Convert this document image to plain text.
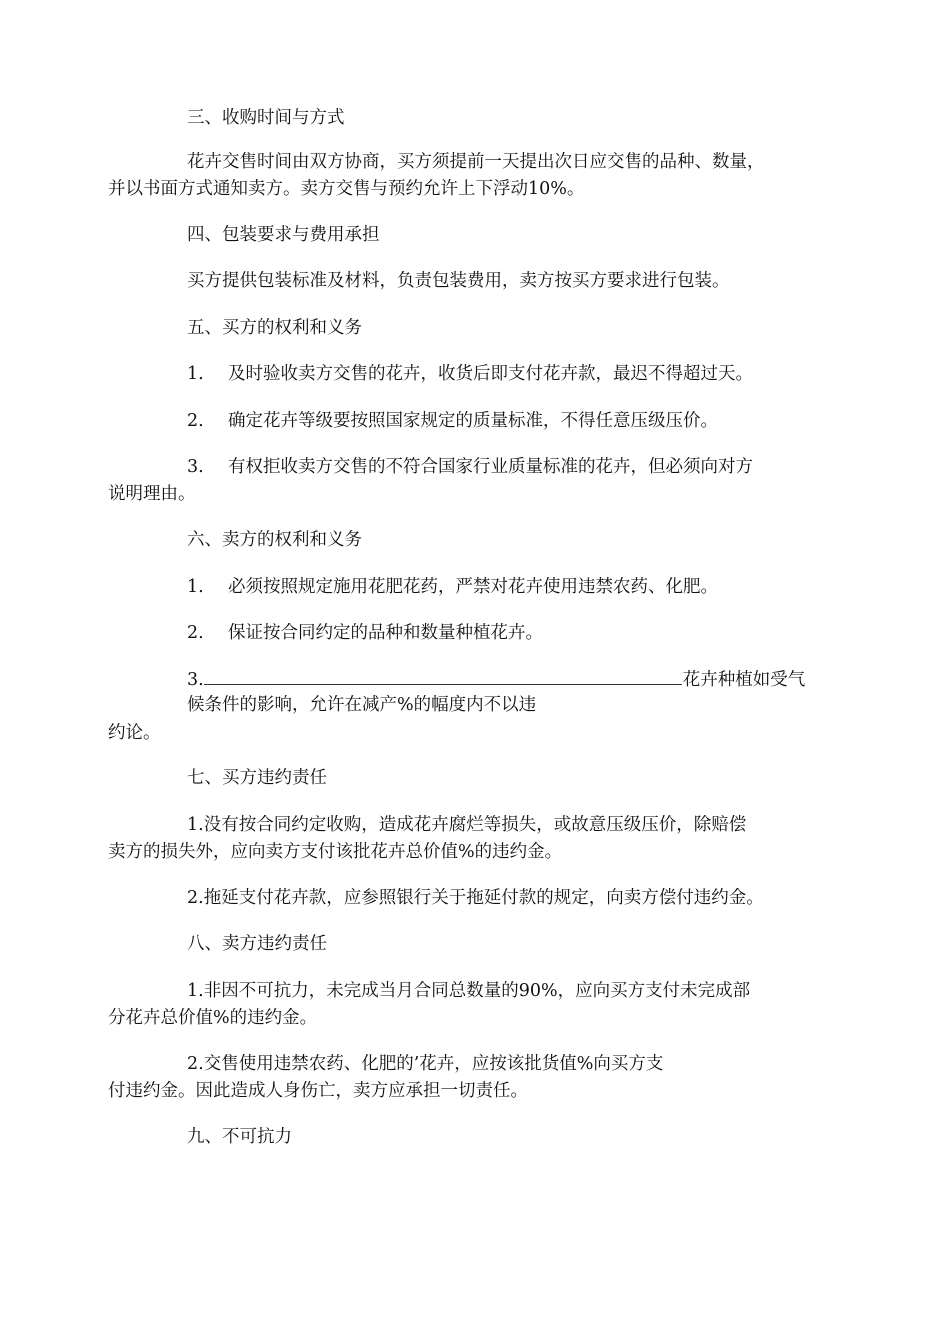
三、收购时间与方式
花卉交售时间由双方协商，买方须提前一天提出次日应交售的品种、数量，
并以书面方式通知卖方。卖方交售与预约允许上下浮动10%。
四、包装要求与费用承担
买方提供包装标准及材料，负责包装费用，卖方按买方要求进行包装。
五、买方的权利和义务
1. 及时验收卖方交售的花卉，收货后即支付花卉款，最迟不得超过天。
2. 确定花卉等级要按照国家规定的质量标准，不得任意压级压价。
3. 有权拒收卖方交售的不符合国家行业质量标准的花卉，但必须向对方
说明理由。
六、卖方的权利和义务
1. 必须按照规定施用花肥花药，严禁对花卉使用违禁农药、化肥。
2. 保证按合同约定的品种和数量种植花卉。
3.	花卉种植如受气
候条件的影响，允许在减产%的幅度内不以违
约论。
七、买方违约责任
1.没有按合同约定收购，造成花卉腐烂等损失，或故意压级压价，除赔偿
卖方的损失外，应向卖方支付该批花卉总价值%的违约金。
2.拖延支付花卉款，应参照银行关于拖延付款的规定，向卖方偿付违约金。
八、卖方违约责任
1.非因不可抗力，未完成当月合同总数量的90%，应向买方支付未完成部
分花卉总价值%的违约金。
2.交售使用违禁农药、化肥的’花卉，应按该批货值%向买方支
付违约金。因此造成人身伤亡，卖方应承担一切责任。
九、不可抗力
